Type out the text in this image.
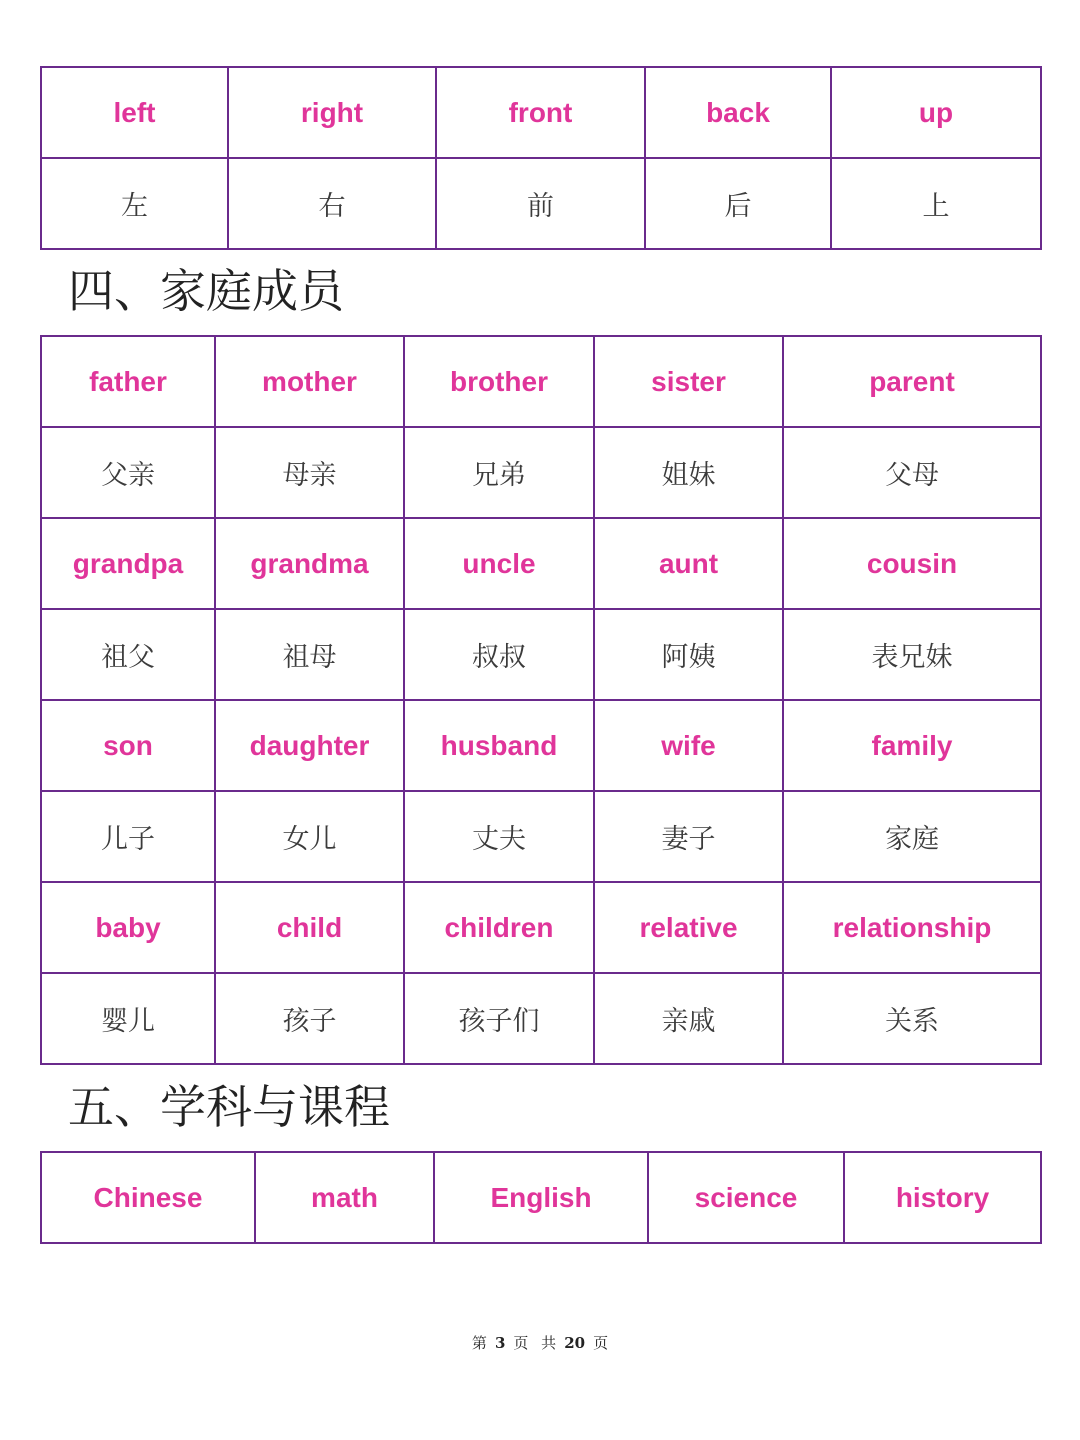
left	right	front	back	up
左	右	前	后	上
四、家庭成员
father	mother	brother	sister	parent
父亲	母亲	兄弟	姐妹	父母
grandpa	grandma	uncle	aunt	cousin
祖父	祖母	叔叔	阿姨	表兄妹
son	daughter	husband	wife	family
儿子	女儿	丈夫	妻子	家庭
baby	child	children	relative	relationship
婴儿	孩子	孩子们	亲戚	关系
五、学科与课程
Chinese	math	English	science	history
第 3 页 共 20 页
